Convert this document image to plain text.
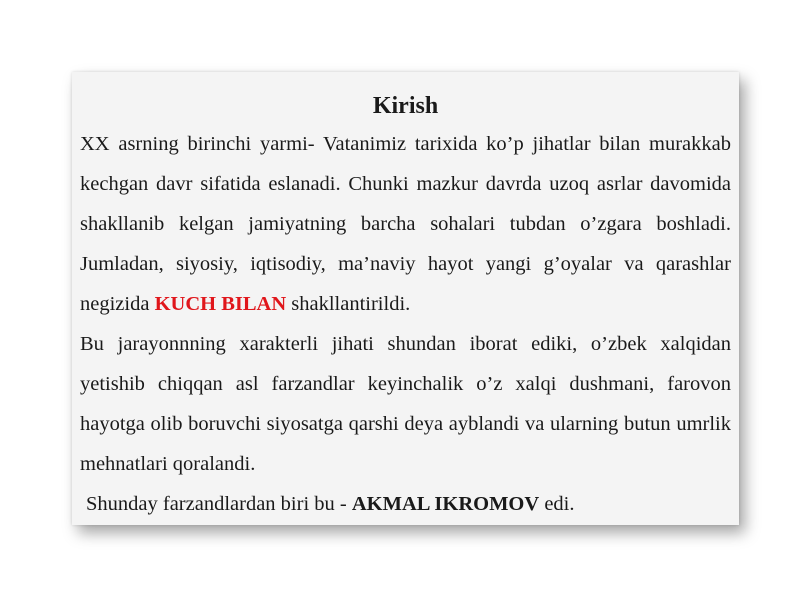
Kirish

XX asrning birinchi yarmi- Vatanimiz tarixida ko’p jihatlar bilan murakkab kechgan davr sifatida eslanadi. Chunki mazkur davrda uzoq asrlar davomida shakllanib kelgan jamiyatning barcha sohalari tubdan o’zgara boshladi. Jumladan, siyosiy, iqtisodiy, ma’naviy hayot yangi g’oyalar va qarashlar negizida KUCH BILAN shakllantirildi.

Bu jarayonnning xarakterli jihati shundan iborat ediki, o’zbek xalqidan yetishib chiqqan asl farzandlar keyinchalik o’z xalqi dushmani, farovon hayotga olib boruvchi siyosatga qarshi deya ayblandi va ularning butun umrlik mehnatlari qoralandi.

Shunday farzandlardan biri bu - AKMAL IKROMOV edi.
